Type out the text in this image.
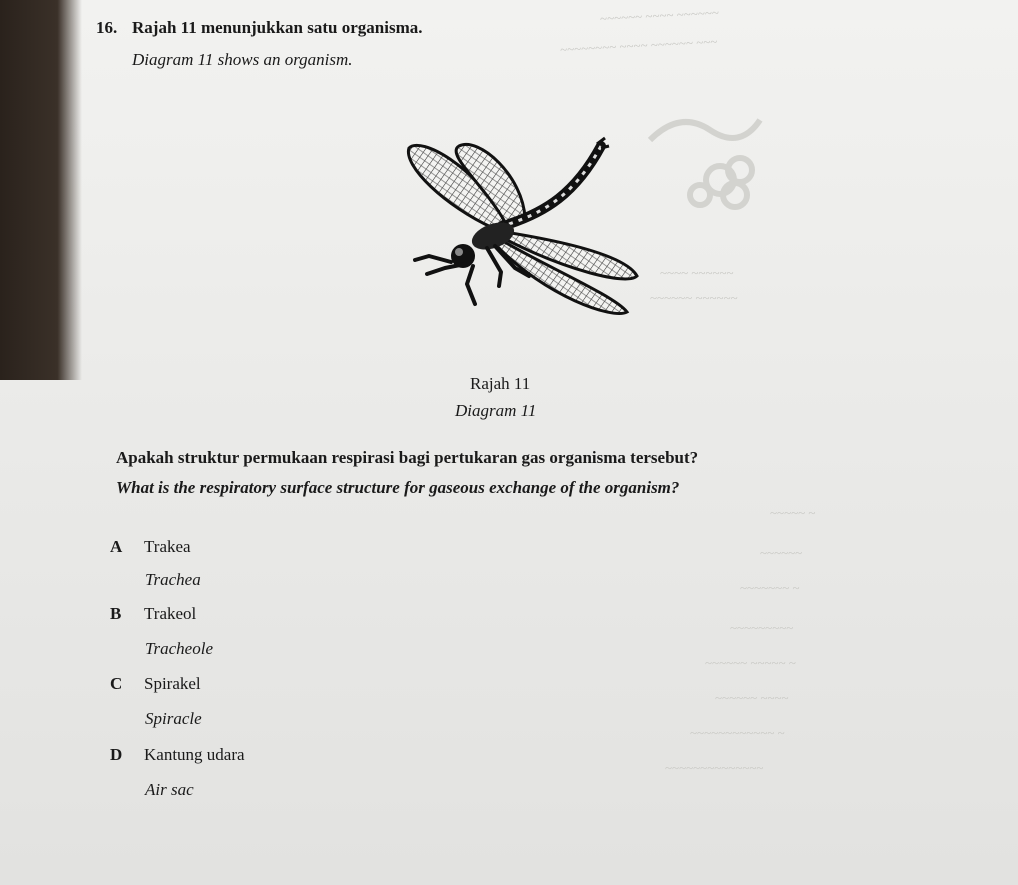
~~~~~~ ~~~~ ~~~~~~
~~~~~~~~ ~~~~ ~~~~~~ ~~~
~~~~ ~~~~~~
~~~~~~ ~~~~~~
~~~~~ ~
~~~~~~
~~~~~~~ ~
~~~~~~~~~
~~~~~~ ~~~~~ ~
~~~~~~ ~~~~
~~~~~~~~~~~~ ~
~~~~~~~~~~~~~~
16. Rajah 11 menunjukkan satu organisma.
Diagram 11 shows an organism.
Rajah 11
Diagram 11
Apakah struktur permukaan respirasi bagi pertukaran gas organisma tersebut?
What is the respiratory surface structure for gaseous exchange of the organism?
A Trakea
Trachea
B Trakeol
Tracheole
C Spirakel
Spiracle
D Kantung udara
Air sac
